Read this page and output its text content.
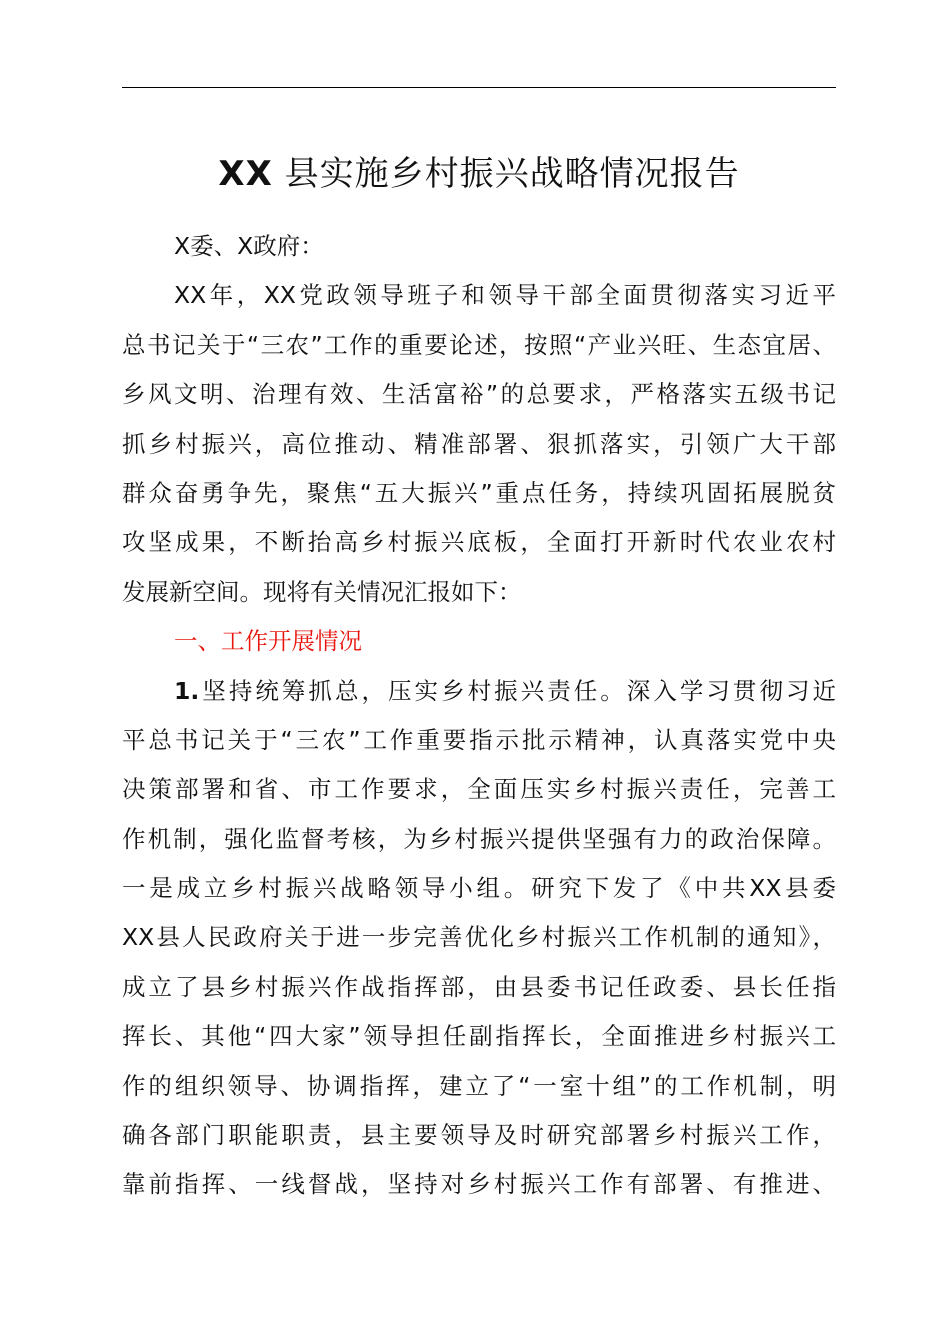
XX 县实施乡村振兴战略情况报告
X委、X政府：
XX年，XX党政领导班子和领导干部全面贯彻落实习近平
总书记关于“三农”工作的重要论述，按照“产业兴旺、生态宜居、
乡风文明、治理有效、生活富裕”的总要求，严格落实五级书记
抓乡村振兴，高位推动、精准部署、狠抓落实，引领广大干部
群众奋勇争先，聚焦“五大振兴”重点任务，持续巩固拓展脱贫
攻坚成果，不断抬高乡村振兴底板，全面打开新时代农业农村
发展新空间。现将有关情况汇报如下：
一、工作开展情况
1.坚持统筹抓总，压实乡村振兴责任。深入学习贯彻习近
平总书记关于“三农”工作重要指示批示精神，认真落实党中央
决策部署和省、市工作要求，全面压实乡村振兴责任，完善工
作机制，强化监督考核，为乡村振兴提供坚强有力的政治保障。
一是成立乡村振兴战略领导小组。研究下发了《中共XX县委
XX县人民政府关于进一步完善优化乡村振兴工作机制的通知》，
成立了县乡村振兴作战指挥部，由县委书记任政委、县长任指
挥长、其他“四大家”领导担任副指挥长，全面推进乡村振兴工
作的组织领导、协调指挥，建立了“一室十组”的工作机制，明
确各部门职能职责，县主要领导及时研究部署乡村振兴工作，
靠前指挥、一线督战，坚持对乡村振兴工作有部署、有推进、
